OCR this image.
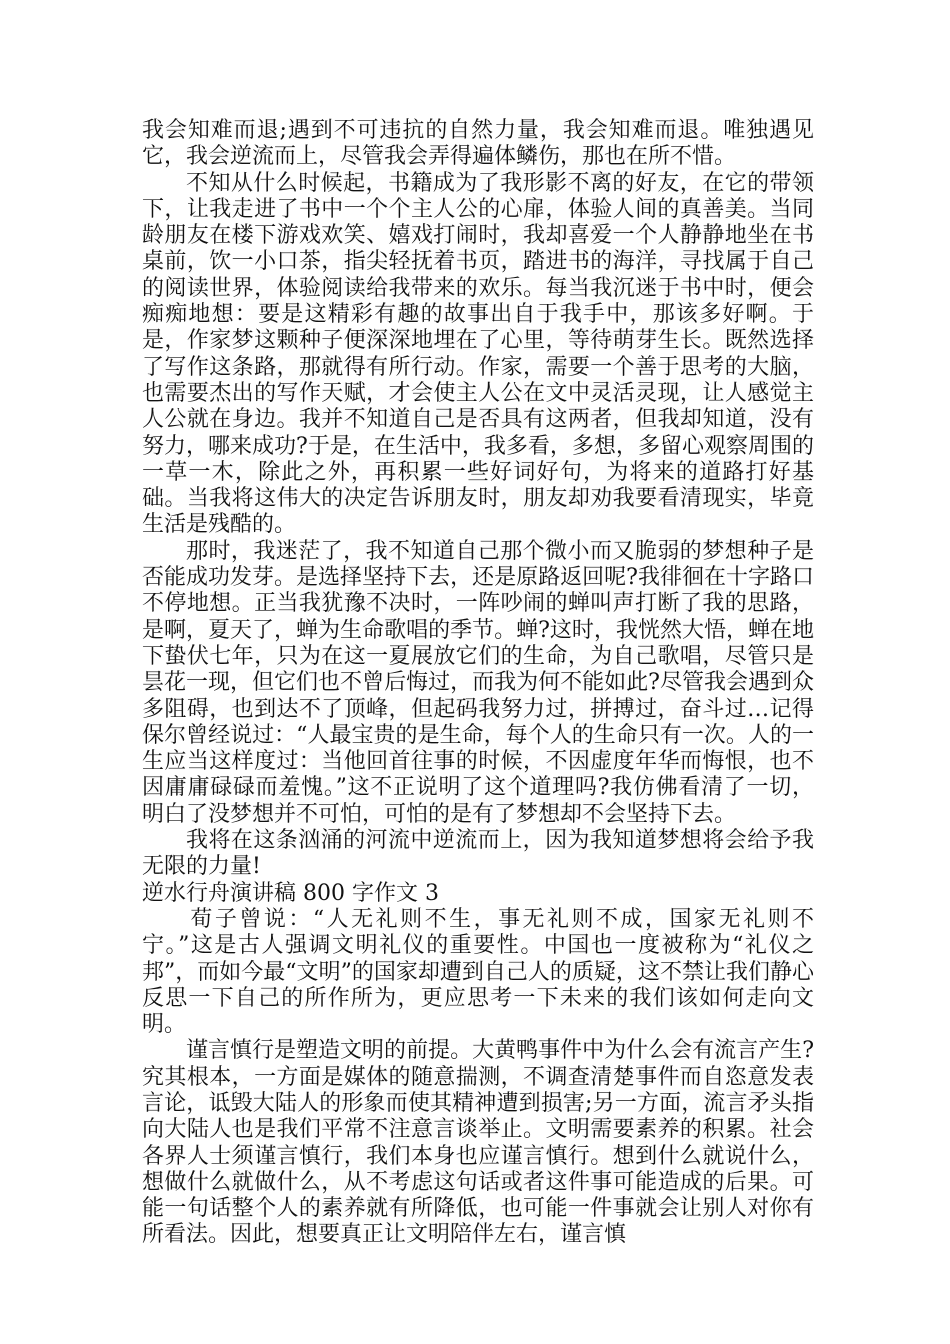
我会知难而退;遇到不可违抗的自然力量，我会知难而退。唯独遇见它，我会逆流而上，尽管我会弄得遍体鳞伤，那也在所不惜。

不知从什么时候起，书籍成为了我形影不离的好友，在它的带领下，让我走进了书中一个个主人公的心扉，体验人间的真善美。当同龄朋友在楼下游戏欢笑、嬉戏打闹时，我却喜爱一个人静静地坐在书桌前，饮一小口茶，指尖轻抚着书页，踏进书的海洋，寻找属于自己的阅读世界，体验阅读给我带来的欢乐。每当我沉迷于书中时，便会痴痴地想：要是这精彩有趣的故事出自于我手中，那该多好啊。于是，作家梦这颗种子便深深地埋在了心里，等待萌芽生长。既然选择了写作这条路，那就得有所行动。作家，需要一个善于思考的大脑，也需要杰出的写作天赋，才会使主人公在文中灵活灵现，让人感觉主人公就在身边。我并不知道自己是否具有这两者，但我却知道，没有努力，哪来成功?于是，在生活中，我多看，多想，多留心观察周围的一草一木，除此之外，再积累一些好词好句，为将来的道路打好基础。当我将这伟大的决定告诉朋友时，朋友却劝我要看清现实，毕竟生活是残酷的。

那时，我迷茫了，我不知道自己那个微小而又脆弱的梦想种子是否能成功发芽。是选择坚持下去，还是原路返回呢?我徘徊在十字路口不停地想。正当我犹豫不决时，一阵吵闹的蝉叫声打断了我的思路，是啊，夏天了，蝉为生命歌唱的季节。蝉?这时，我恍然大悟，蝉在地下蛰伏七年，只为在这一夏展放它们的生命，为自己歌唱，尽管只是昙花一现，但它们也不曾后悔过，而我为何不能如此?尽管我会遇到众多阻碍，也到达不了顶峰，但起码我努力过，拼搏过，奋斗过…记得保尔曾经说过：“人最宝贵的是生命，每个人的生命只有一次。人的一生应当这样度过：当他回首往事的时候，不因虚度年华而悔恨，也不因庸庸碌碌而羞愧。”这不正说明了这个道理吗?我仿佛看清了一切，明白了没梦想并不可怕，可怕的是有了梦想却不会坚持下去。

我将在这条汹涌的河流中逆流而上，因为我知道梦想将会给予我无限的力量!

逆水行舟演讲稿 800 字作文 3

荀子曾说：“人无礼则不生，事无礼则不成，国家无礼则不宁。”这是古人强调文明礼仪的重要性。中国也一度被称为“礼仪之邦”，而如今最“文明”的国家却遭到自己人的质疑，这不禁让我们静心反思一下自己的所作所为，更应思考一下未来的我们该如何走向文明。

谨言慎行是塑造文明的前提。大黄鸭事件中为什么会有流言产生?究其根本，一方面是媒体的随意揣测，不调查清楚事件而自恣意发表言论，诋毁大陆人的形象而使其精神遭到损害;另一方面，流言矛头指向大陆人也是我们平常不注意言谈举止。文明需要素养的积累。社会各界人士须谨言慎行，我们本身也应谨言慎行。想到什么就说什么，想做什么就做什么，从不考虑这句话或者这件事可能造成的后果。可能一句话整个人的素养就有所降低，也可能一件事就会让别人对你有所看法。因此，想要真正让文明陪伴左右，谨言慎
